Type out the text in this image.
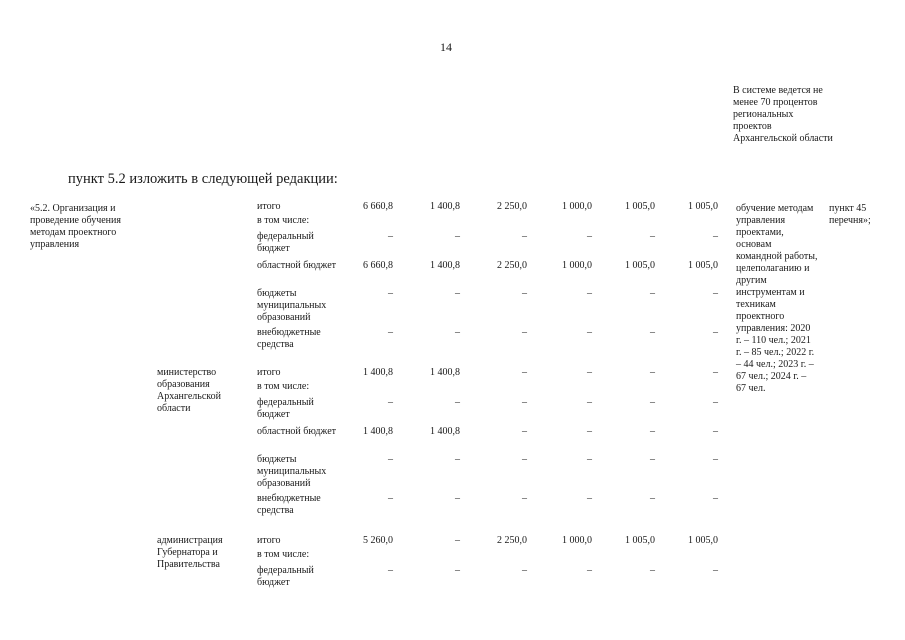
14
В системе ведется не менее 70 процентов региональных проектов Архангельской области
пункт 5.2 изложить в следующей редакции:
«5.2. Организация и проведение обучения методам проектного управления
обучение методам управления проектами, основам командной работы, целеполаганию и другим инструментам и техникам проектного управления: 2020 г. – 110 чел.; 2021 г. – 85 чел.; 2022 г. – 44 чел.; 2023 г. – 67 чел.; 2024 г. – 67 чел.
пункт 45 перечня»;
итого	6 660,8	1 400,8	2 250,0	1 000,0	1 005,0	1 005,0
в том числе:
федеральный бюджет
–	–	–	–	–	–
областной бюджет	6 660,8	1 400,8	2 250,0	1 000,0	1 005,0	1 005,0
бюджеты муниципальных образований
–	–	–	–	–	–
внебюджетные средства
–	–	–	–	–	–
министерство образования Архангельской области
итого	1 400,8	1 400,8	–	–	–	–
в том числе:
федеральный бюджет
–	–	–	–	–	–
областной бюджет	1 400,8	1 400,8	–	–	–	–
бюджеты муниципальных образований
–	–	–	–	–	–
внебюджетные средства
–	–	–	–	–	–
администрация Губернатора и Правительства
итого	5 260,0	–	2 250,0	1 000,0	1 005,0	1 005,0
в том числе:
федеральный бюджет
–	–	–	–	–	–
